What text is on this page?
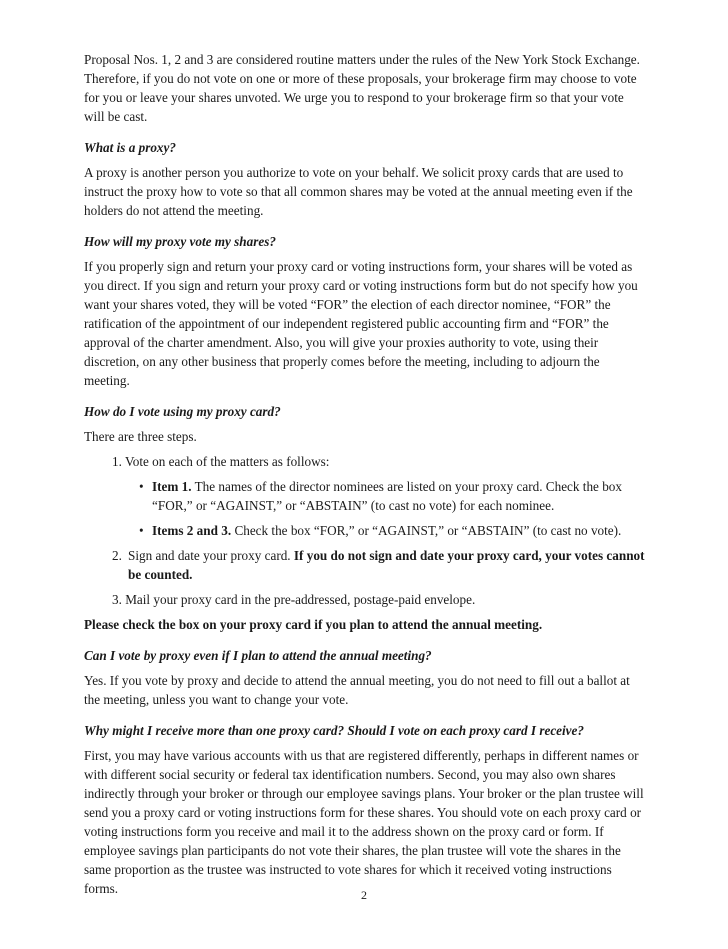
Proposal Nos. 1, 2 and 3 are considered routine matters under the rules of the New York Stock Exchange. Therefore, if you do not vote on one or more of these proposals, your brokerage firm may choose to vote for you or leave your shares unvoted. We urge you to respond to your brokerage firm so that your vote will be cast.

What is a proxy?

A proxy is another person you authorize to vote on your behalf. We solicit proxy cards that are used to instruct the proxy how to vote so that all common shares may be voted at the annual meeting even if the holders do not attend the meeting.

How will my proxy vote my shares?

If you properly sign and return your proxy card or voting instructions form, your shares will be voted as you direct. If you sign and return your proxy card or voting instructions form but do not specify how you want your shares voted, they will be voted “FOR” the election of each director nominee, “FOR” the ratification of the appointment of our independent registered public accounting firm and “FOR” the approval of the charter amendment. Also, you will give your proxies authority to vote, using their discretion, on any other business that properly comes before the meeting, including to adjourn the meeting.

How do I vote using my proxy card?

There are three steps.

1. Vote on each of the matters as follows:

• Item 1. The names of the director nominees are listed on your proxy card. Check the box “FOR,” or “AGAINST,” or “ABSTAIN” (to cast no vote) for each nominee.
• Items 2 and 3. Check the box “FOR,” or “AGAINST,” or “ABSTAIN” (to cast no vote).
2. Sign and date your proxy card. If you do not sign and date your proxy card, your votes cannot be counted.

3. Mail your proxy card in the pre-addressed, postage-paid envelope.

Please check the box on your proxy card if you plan to attend the annual meeting.

Can I vote by proxy even if I plan to attend the annual meeting?

Yes. If you vote by proxy and decide to attend the annual meeting, you do not need to fill out a ballot at the meeting, unless you want to change your vote.

Why might I receive more than one proxy card? Should I vote on each proxy card I receive?

First, you may have various accounts with us that are registered differently, perhaps in different names or with different social security or federal tax identification numbers. Second, you may also own shares indirectly through your broker or through our employee savings plans. Your broker or the plan trustee will send you a proxy card or voting instructions form for these shares. You should vote on each proxy card or voting instructions form you receive and mail it to the address shown on the proxy card or form. If employee savings plan participants do not vote their shares, the plan trustee will vote the shares in the same proportion as the trustee was instructed to vote shares for which it received voting instructions forms.	2
